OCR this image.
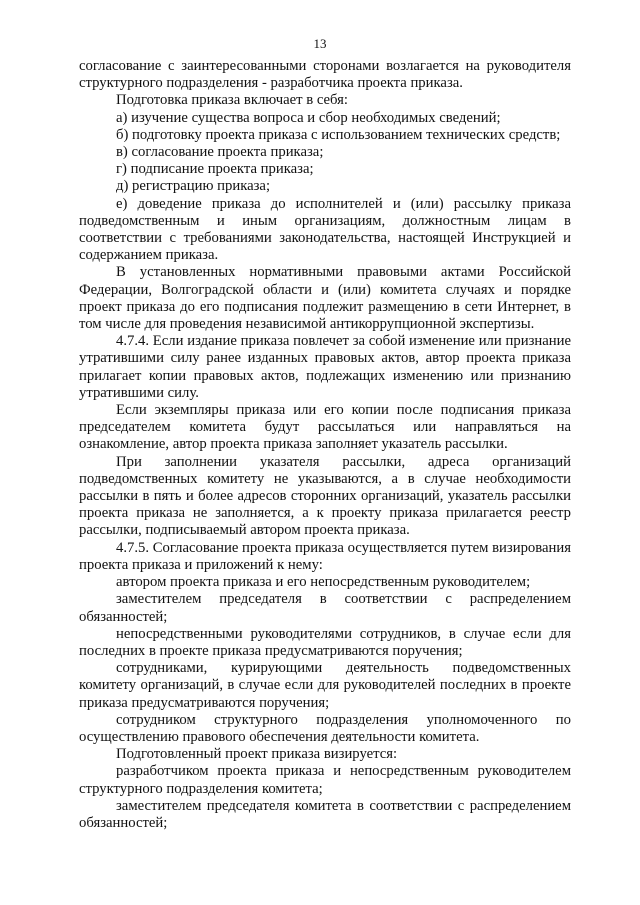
13

согласование с заинтересованными сторонами возлагается на руководителя структурного подразделения - разработчика проекта приказа.

Подготовка приказа включает в себя:

а) изучение существа вопроса и сбор необходимых сведений;

б) подготовку проекта приказа с использованием технических средств;

в) согласование проекта приказа;

г) подписание проекта приказа;

д) регистрацию приказа;

е) доведение приказа до исполнителей и (или) рассылку приказа подведомственным и иным организациям, должностным лицам в соответствии с требованиями законодательства, настоящей Инструкцией и содержанием приказа.

В установленных нормативными правовыми актами Российской Федерации, Волгоградской области и (или) комитета случаях и порядке проект приказа до его подписания подлежит размещению в сети Интернет, в том числе для проведения независимой антикоррупционной экспертизы.

4.7.4. Если издание приказа повлечет за собой изменение или признание утратившими силу ранее изданных правовых актов, автор проекта приказа прилагает копии правовых актов, подлежащих изменению или признанию утратившими силу.

Если экземпляры приказа или его копии после подписания приказа председателем комитета будут рассылаться или направляться на ознакомление, автор проекта приказа заполняет указатель рассылки.

При заполнении указателя рассылки, адреса организаций подведомственных комитету не указываются, а в случае необходимости рассылки в пять и более адресов сторонних организаций, указатель рассылки проекта приказа не заполняется, а к проекту приказа прилагается реестр рассылки, подписываемый автором проекта приказа.

4.7.5. Согласование проекта приказа осуществляется путем визирования проекта приказа и приложений к нему:

автором проекта приказа и его непосредственным руководителем;

заместителем председателя в соответствии с распределением обязанностей;

непосредственными руководителями сотрудников, в случае если для последних в проекте приказа предусматриваются поручения;

сотрудниками, курирующими деятельность подведомственных комитету организаций, в случае если для руководителей последних в проекте приказа предусматриваются поручения;

сотрудником структурного подразделения уполномоченного по осуществлению правового обеспечения деятельности комитета.

Подготовленный проект приказа визируется:

разработчиком проекта приказа и непосредственным руководителем структурного подразделения комитета;

заместителем председателя комитета в соответствии с распределением обязанностей;
